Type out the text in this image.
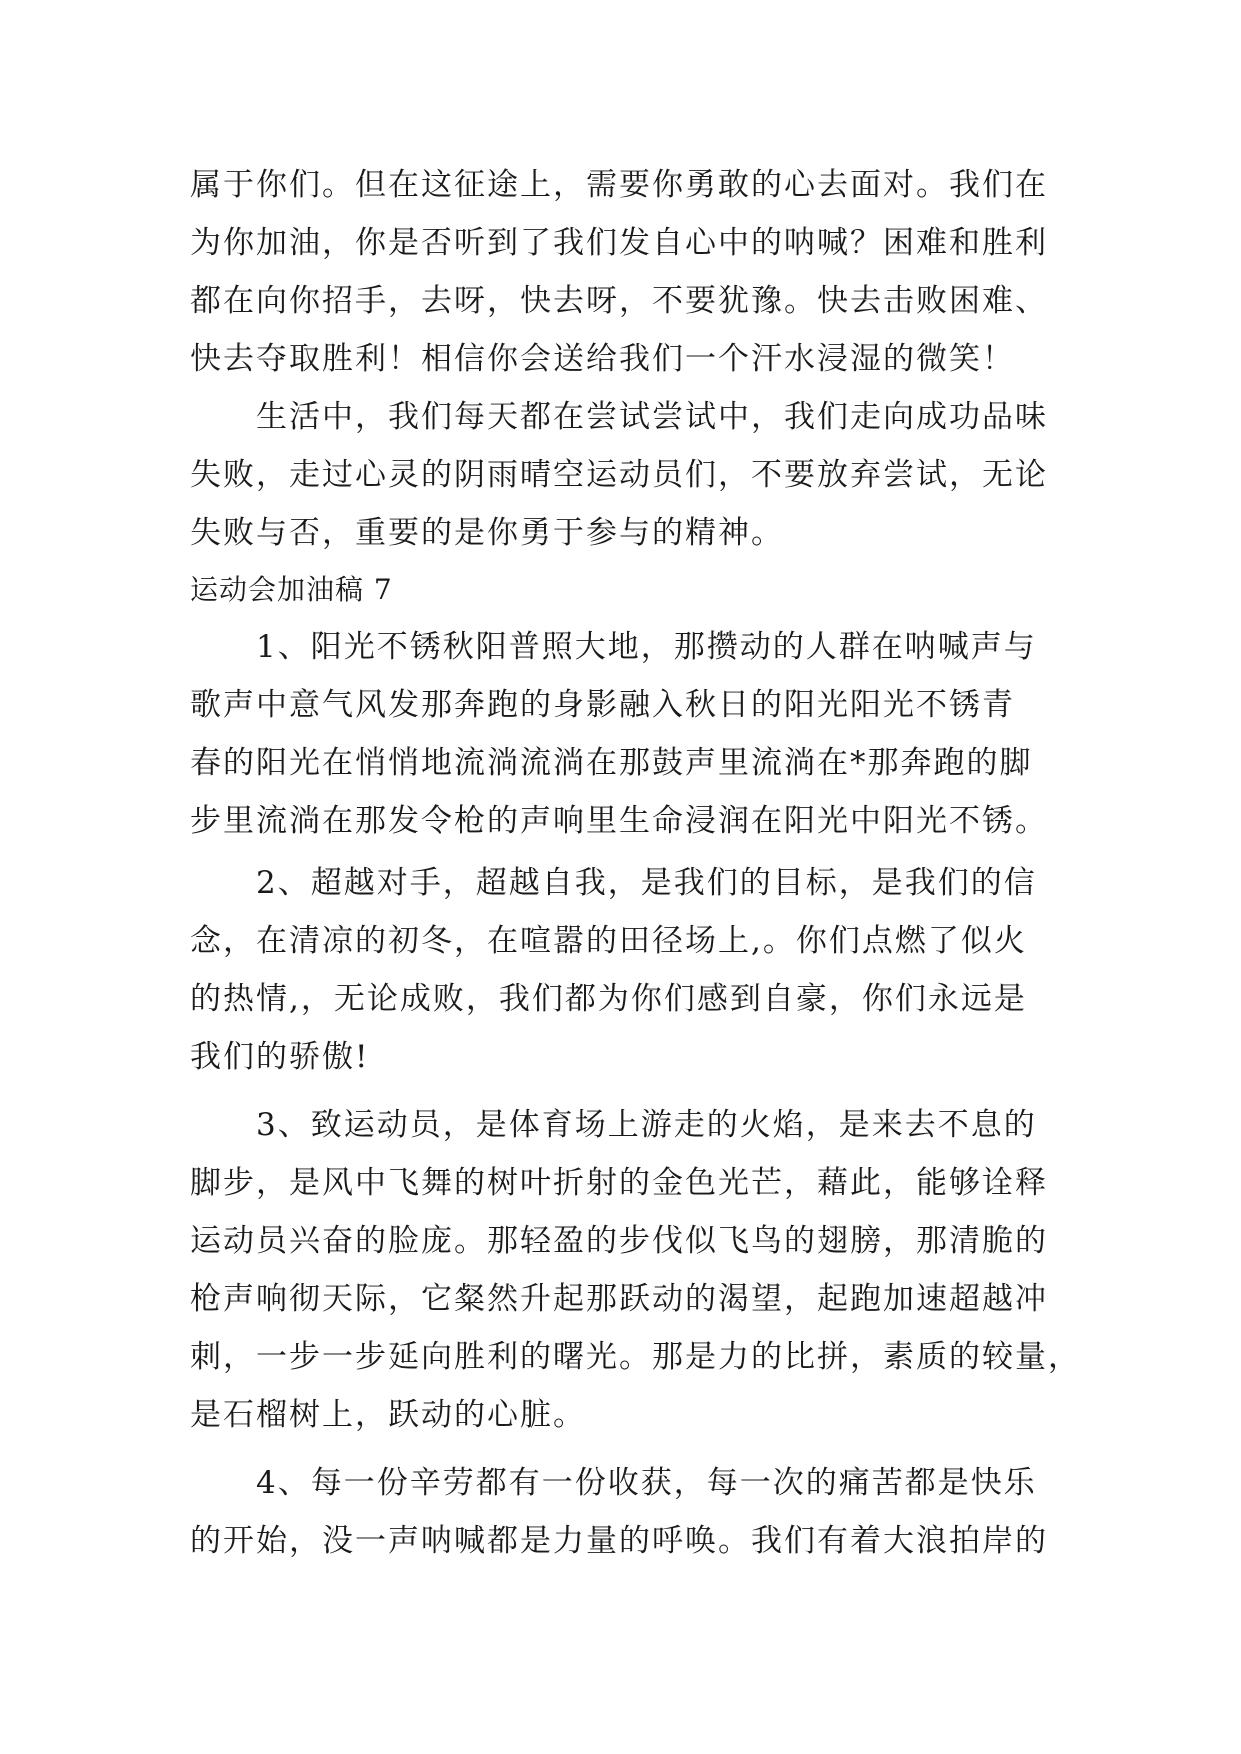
属于你们。但在这征途上，需要你勇敢的心去面对。我们在
为你加油，你是否听到了我们发自心中的呐喊？困难和胜利
都在向你招手，去呀，快去呀，不要犹豫。快去击败困难、
快去夺取胜利！相信你会送给我们一个汗水浸湿的微笑！
生活中，我们每天都在尝试尝试中，我们走向成功品味
失败，走过心灵的阴雨晴空运动员们，不要放弃尝试，无论
失败与否，重要的是你勇于参与的精神。
运动会加油稿 7
1、阳光不锈秋阳普照大地，那攒动的人群在呐喊声与
歌声中意气风发那奔跑的身影融入秋日的阳光阳光不锈青
春的阳光在悄悄地流淌流淌在那鼓声里流淌在*那奔跑的脚
步里流淌在那发令枪的声响里生命浸润在阳光中阳光不锈。
2、超越对手，超越自我，是我们的目标，是我们的信
念，在清凉的初冬，在喧嚣的田径场上,。你们点燃了似火
的热情,，无论成败，我们都为你们感到自豪，你们永远是
我们的骄傲!
3、致运动员，是体育场上游走的火焰，是来去不息的
脚步，是风中飞舞的树叶折射的金色光芒，藉此，能够诠释
运动员兴奋的脸庞。那轻盈的步伐似飞鸟的翅膀，那清脆的
枪声响彻天际，它粲然升起那跃动的渴望，起跑加速超越冲
刺，一步一步延向胜利的曙光。那是力的比拼，素质的较量，
是石榴树上，跃动的心脏。
4、每一份辛劳都有一份收获，每一次的痛苦都是快乐
的开始，没一声呐喊都是力量的呼唤。我们有着大浪拍岸的
